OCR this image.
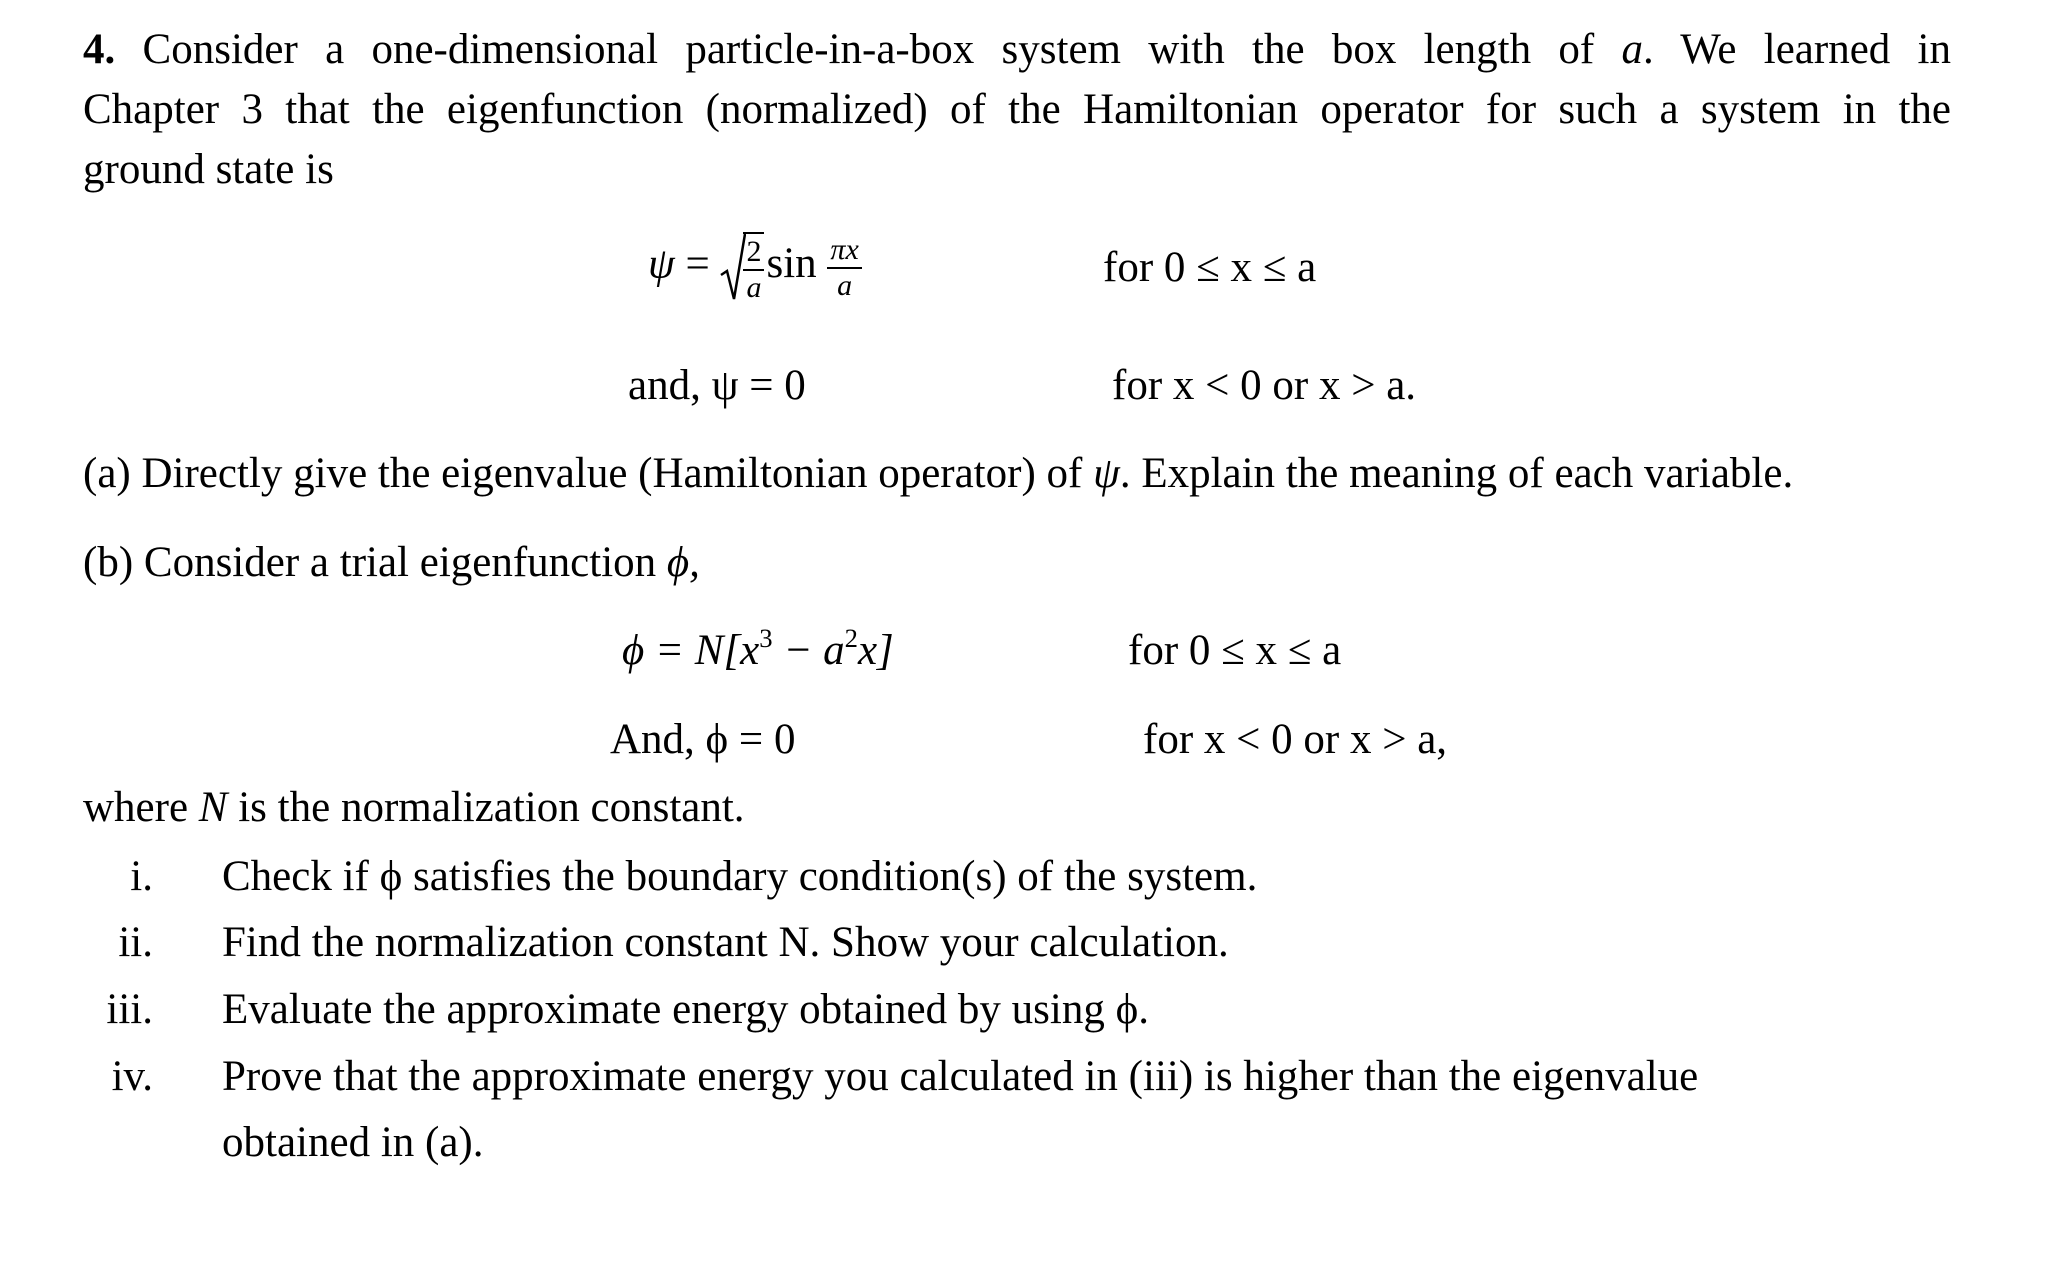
4. Consider a one-dimensional particle-in-a-box system with the box length of a. We learned in
Chapter 3 that the eigenfunction (normalized) of the Hamiltonian operator for such a system in the
ground state is
$\psi = \frac{2}{a}$ $\sin \frac{\pi x}{a}$	for 0 ≤ x ≤ a
and, ψ = 0	for x < 0 or x > a.
(a) Directly give the eigenvalue (Hamiltonian operator) of ψ. Explain the meaning of each variable.
(b) Consider a trial eigenfunction ϕ,
$\phi = N[x^3 - a^2x]$	for 0 ≤ x ≤ a
And, ϕ = 0	for x < 0 or x > a,
where N is the normalization constant.
i. Check if ϕ satisfies the boundary condition(s) of the system.
ii. Find the normalization constant N. Show your calculation.
iii. Evaluate the approximate energy obtained by using ϕ.
iv. Prove that the approximate energy you calculated in (iii) is higher than the eigenvalue
obtained in (a).
